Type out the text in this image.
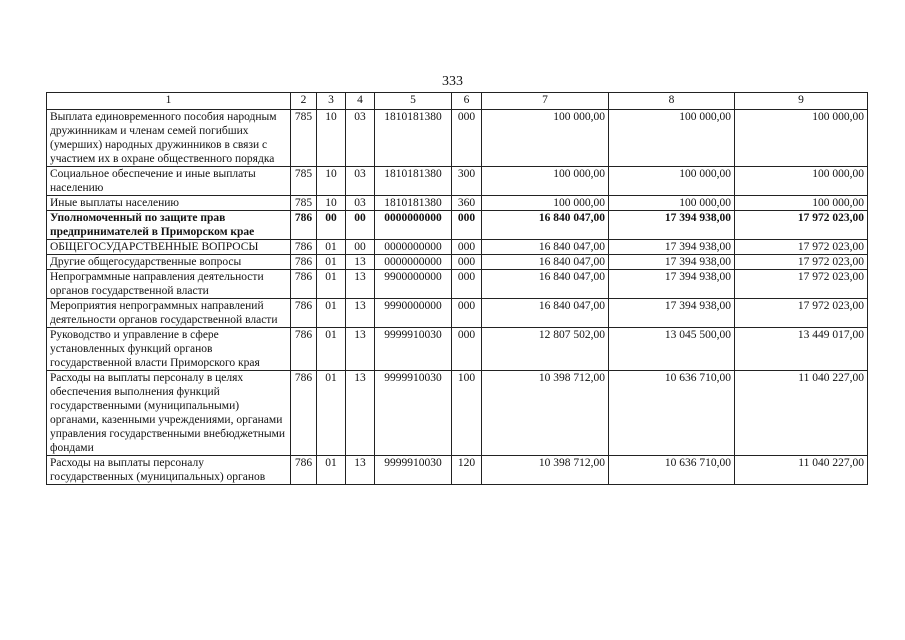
333
1	2	3	4	5	6	7	8	9
Выплата единовременного пособия народным дружинникам и членам семей погибших (умерших) народных дружинников в связи с участием их в охране общественного порядка	785	10	03	1810181380	000	100 000,00	100 000,00	100 000,00
Социальное обеспечение и иные выплаты населению	785	10	03	1810181380	300	100 000,00	100 000,00	100 000,00
Иные выплаты населению	785	10	03	1810181380	360	100 000,00	100 000,00	100 000,00
Уполномоченный по защите прав предпринимателей в Приморском крае	786	00	00	0000000000	000	16 840 047,00	17 394 938,00	17 972 023,00
ОБЩЕГОСУДАРСТВЕННЫЕ ВОПРОСЫ	786	01	00	0000000000	000	16 840 047,00	17 394 938,00	17 972 023,00
Другие общегосударственные вопросы	786	01	13	0000000000	000	16 840 047,00	17 394 938,00	17 972 023,00
Непрограммные направления деятельности органов государственной власти	786	01	13	9900000000	000	16 840 047,00	17 394 938,00	17 972 023,00
Мероприятия непрограммных направлений деятельности органов государственной власти	786	01	13	9990000000	000	16 840 047,00	17 394 938,00	17 972 023,00
Руководство и управление в сфере установленных функций органов государственной власти Приморского края	786	01	13	9999910030	000	12 807 502,00	13 045 500,00	13 449 017,00
Расходы на выплаты персоналу в целях обеспечения выполнения функций государственными (муниципальными) органами, казенными учреждениями, органами управления государственными внебюджетными фондами	786	01	13	9999910030	100	10 398 712,00	10 636 710,00	11 040 227,00
Расходы на выплаты персоналу государственных (муниципальных) органов	786	01	13	9999910030	120	10 398 712,00	10 636 710,00	11 040 227,00
